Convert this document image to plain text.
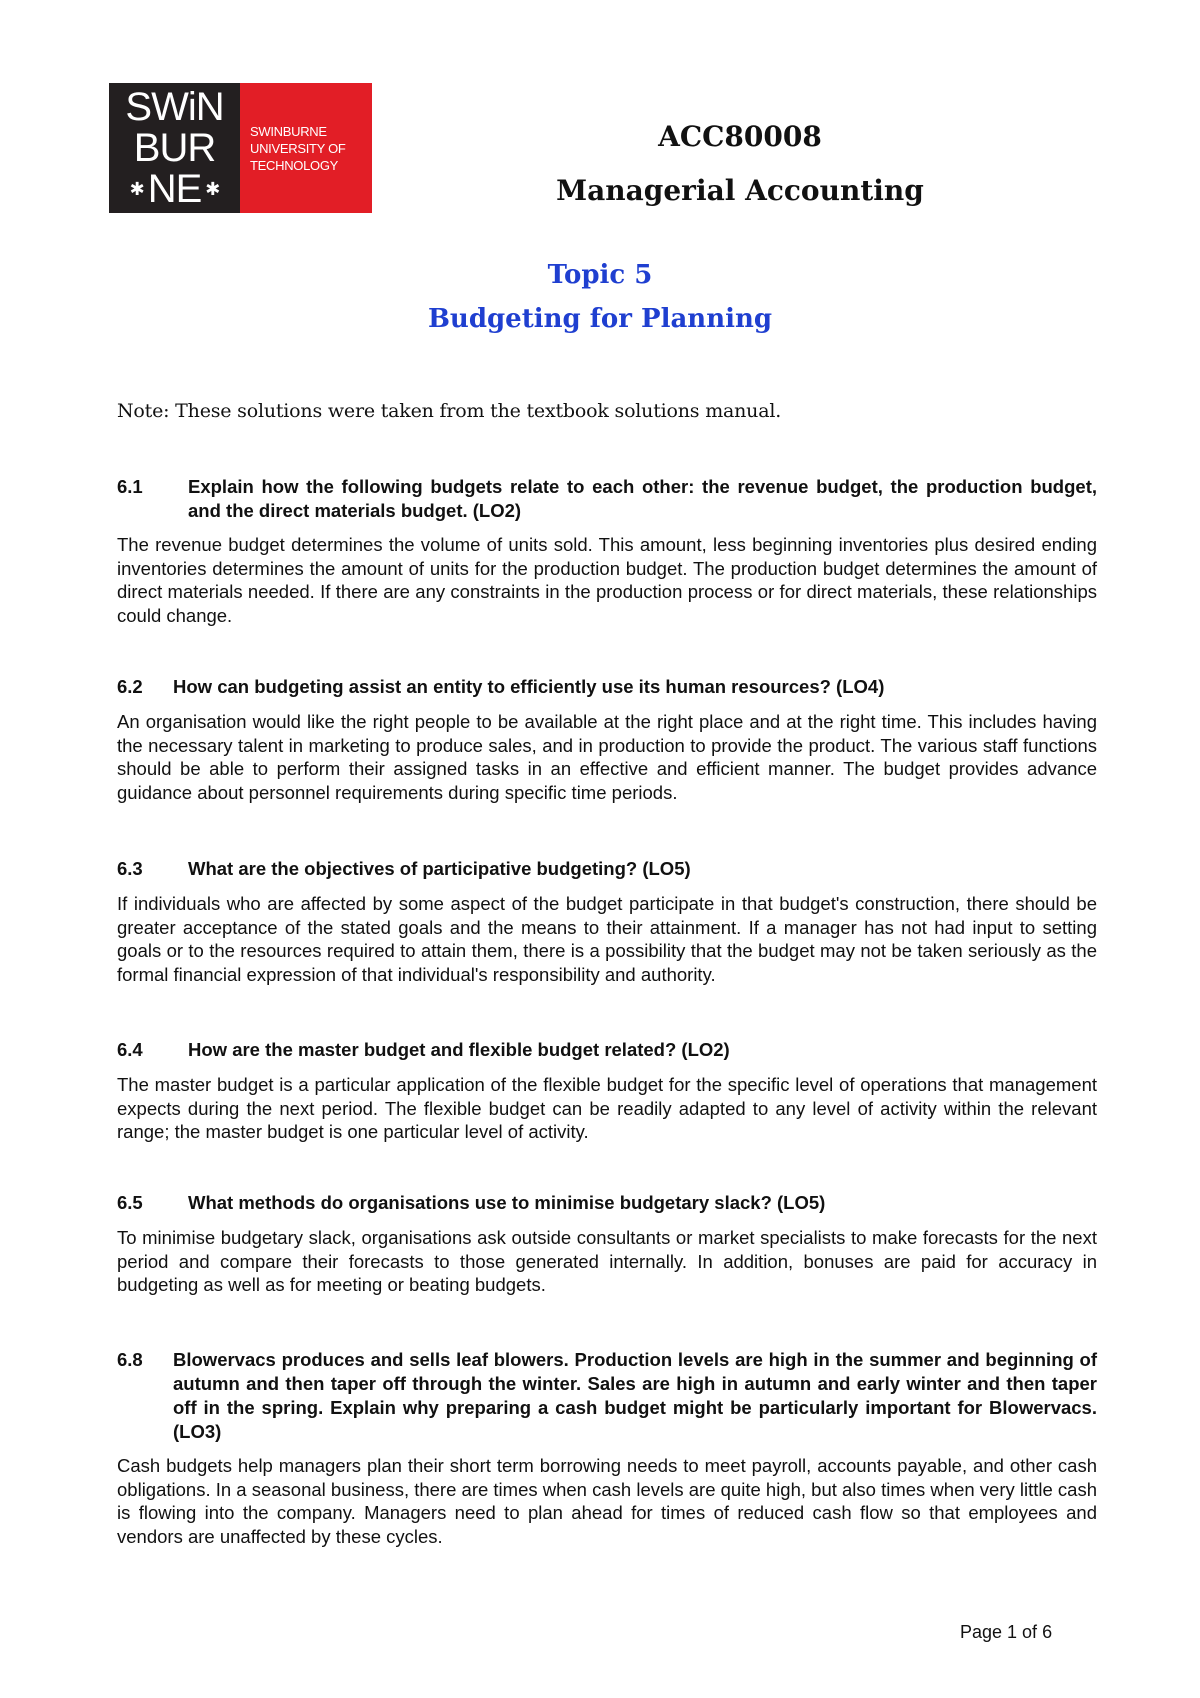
SWiN
BUR
✱ NE ✱
SWINBURNE
UNIVERSITY OF
TECHNOLOGY
ACC80008
Managerial Accounting
Topic 5
Budgeting for Planning
Note: These solutions were taken from the textbook solutions manual.
6.1	Explain how the following budgets relate to each other: the revenue budget, the production budget, and the direct materials budget. (LO2)
The revenue budget determines the volume of units sold. This amount, less beginning inventories plus desired ending inventories determines the amount of units for the production budget. The production budget determines the amount of direct materials needed. If there are any constraints in the production process or for direct materials, these relationships could change.
6.2	How can budgeting assist an entity to efficiently use its human resources? (LO4)
An organisation would like the right people to be available at the right place and at the right time. This includes having the necessary talent in marketing to produce sales, and in production to provide the product. The various staff functions should be able to perform their assigned tasks in an effective and efficient manner. The budget provides advance guidance about personnel requirements during specific time periods.
6.3	What are the objectives of participative budgeting? (LO5)
If individuals who are affected by some aspect of the budget participate in that budget's construction, there should be greater acceptance of the stated goals and the means to their attainment. If a manager has not had input to setting goals or to the resources required to attain them, there is a possibility that the budget may not be taken seriously as the formal financial expression of that individual's responsibility and authority.
6.4	How are the master budget and flexible budget related? (LO2)
The master budget is a particular application of the flexible budget for the specific level of operations that management expects during the next period. The flexible budget can be readily adapted to any level of activity within the relevant range; the master budget is one particular level of activity.
6.5	What methods do organisations use to minimise budgetary slack? (LO5)
To minimise budgetary slack, organisations ask outside consultants or market specialists to make forecasts for the next period and compare their forecasts to those generated internally. In addition, bonuses are paid for accuracy in budgeting as well as for meeting or beating budgets.
6.8	Blowervacs produces and sells leaf blowers. Production levels are high in the summer and beginning of autumn and then taper off through the winter. Sales are high in autumn and early winter and then taper off in the spring. Explain why preparing a cash budget might be particularly important for Blowervacs. (LO3)
Cash budgets help managers plan their short term borrowing needs to meet payroll, accounts payable, and other cash obligations. In a seasonal business, there are times when cash levels are quite high, but also times when very little cash is flowing into the company. Managers need to plan ahead for times of reduced cash flow so that employees and vendors are unaffected by these cycles.
Page 1 of 6
